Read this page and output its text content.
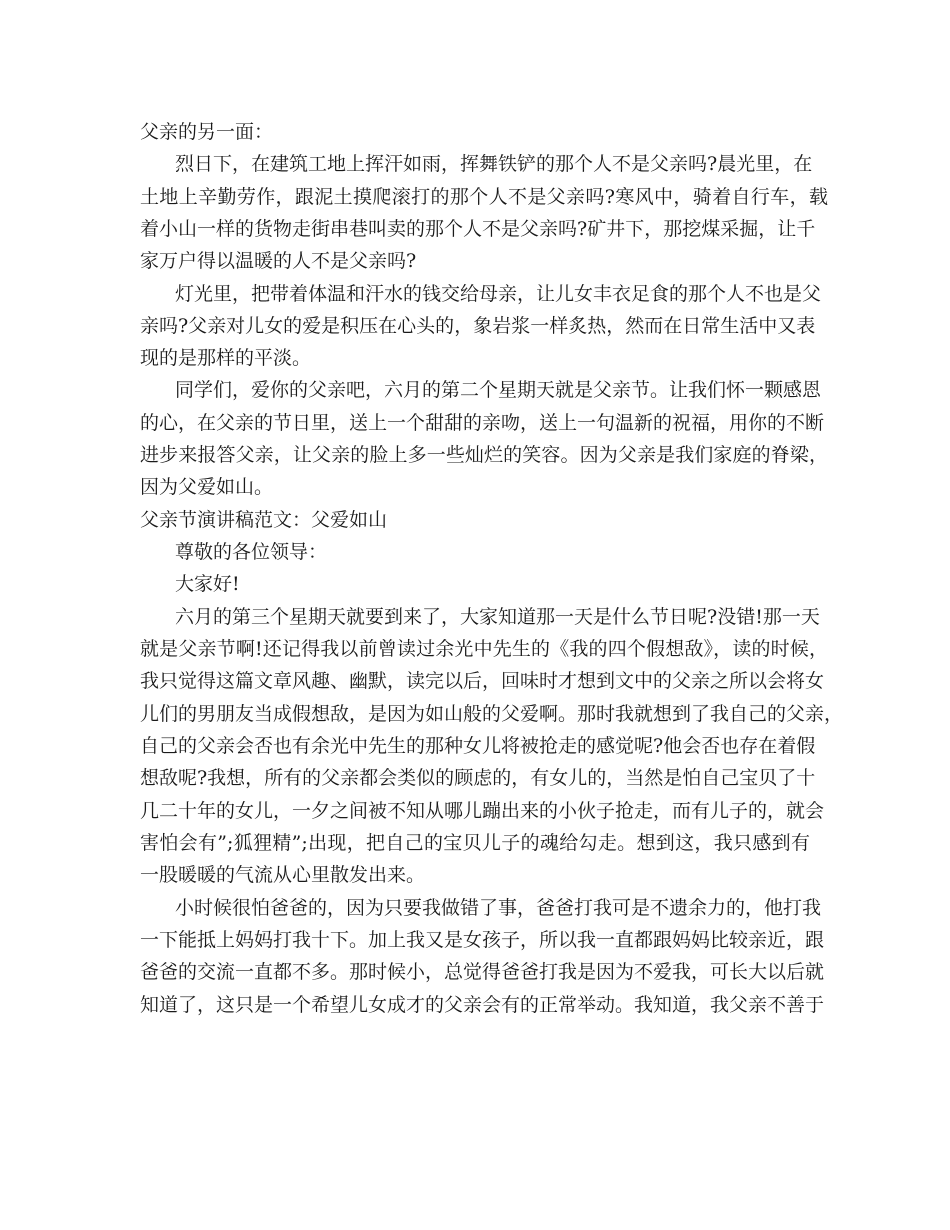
父亲的另一面：
烈日下，在建筑工地上挥汗如雨，挥舞铁铲的那个人不是父亲吗?晨光里，在
土地上辛勤劳作，跟泥土摸爬滚打的那个人不是父亲吗?寒风中，骑着自行车，载
着小山一样的货物走街串巷叫卖的那个人不是父亲吗?矿井下，那挖煤采掘，让千
家万户得以温暖的人不是父亲吗?
灯光里，把带着体温和汗水的钱交给母亲，让儿女丰衣足食的那个人不也是父
亲吗?父亲对儿女的爱是积压在心头的，象岩浆一样炙热，然而在日常生活中又表
现的是那样的平淡。
同学们，爱你的父亲吧，六月的第二个星期天就是父亲节。让我们怀一颗感恩
的心，在父亲的节日里，送上一个甜甜的亲吻，送上一句温新的祝福，用你的不断
进步来报答父亲，让父亲的脸上多一些灿烂的笑容。因为父亲是我们家庭的脊梁，
因为父爱如山。
父亲节演讲稿范文：父爱如山
尊敬的各位领导：
大家好!
六月的第三个星期天就要到来了，大家知道那一天是什么节日呢?没错!那一天
就是父亲节啊!还记得我以前曾读过余光中先生的《我的四个假想敌》，读的时候，
我只觉得这篇文章风趣、幽默，读完以后，回味时才想到文中的父亲之所以会将女
儿们的男朋友当成假想敌，是因为如山般的父爱啊。那时我就想到了我自己的父亲，
自己的父亲会否也有余光中先生的那种女儿将被抢走的感觉呢?他会否也存在着假
想敌呢?我想，所有的父亲都会类似的顾虑的，有女儿的，当然是怕自己宝贝了十
几二十年的女儿，一夕之间被不知从哪儿蹦出来的小伙子抢走，而有儿子的，就会
害怕会有”;狐狸精”;出现，把自己的宝贝儿子的魂给勾走。想到这，我只感到有
一股暖暖的气流从心里散发出来。
小时候很怕爸爸的，因为只要我做错了事，爸爸打我可是不遗余力的，他打我
一下能抵上妈妈打我十下。加上我又是女孩子，所以我一直都跟妈妈比较亲近，跟
爸爸的交流一直都不多。那时候小，总觉得爸爸打我是因为不爱我，可长大以后就
知道了，这只是一个希望儿女成才的父亲会有的正常举动。我知道，我父亲不善于
